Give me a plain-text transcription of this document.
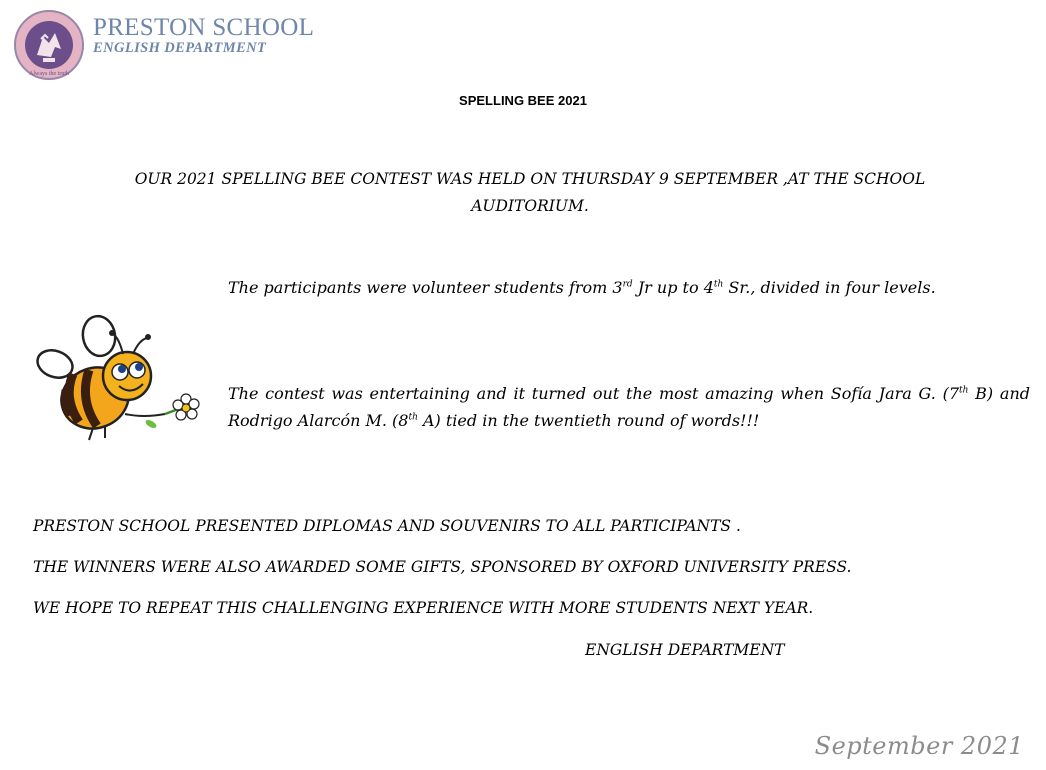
Always the truth
PRESTON SCHOOL
ENGLISH DEPARTMENT
SPELLING BEE 2021
OUR 2021 SPELLING BEE CONTEST WAS HELD ON THURSDAY 9 SEPTEMBER ,AT THE SCHOOL AUDITORIUM.
The participants were volunteer students from 3rd Jr up to 4th Sr., divided in four levels.
The contest was entertaining and it turned out the most amazing when Sofía Jara G. (7th B) and Rodrigo Alarcón M. (8th A) tied in the twentieth round of words!!!
PRESTON SCHOOL PRESENTED DIPLOMAS AND SOUVENIRS TO ALL PARTICIPANTS .
THE WINNERS WERE ALSO AWARDED SOME GIFTS, SPONSORED BY OXFORD UNIVERSITY PRESS.
WE HOPE TO REPEAT THIS CHALLENGING EXPERIENCE WITH MORE STUDENTS NEXT YEAR.
ENGLISH DEPARTMENT
September 2021
